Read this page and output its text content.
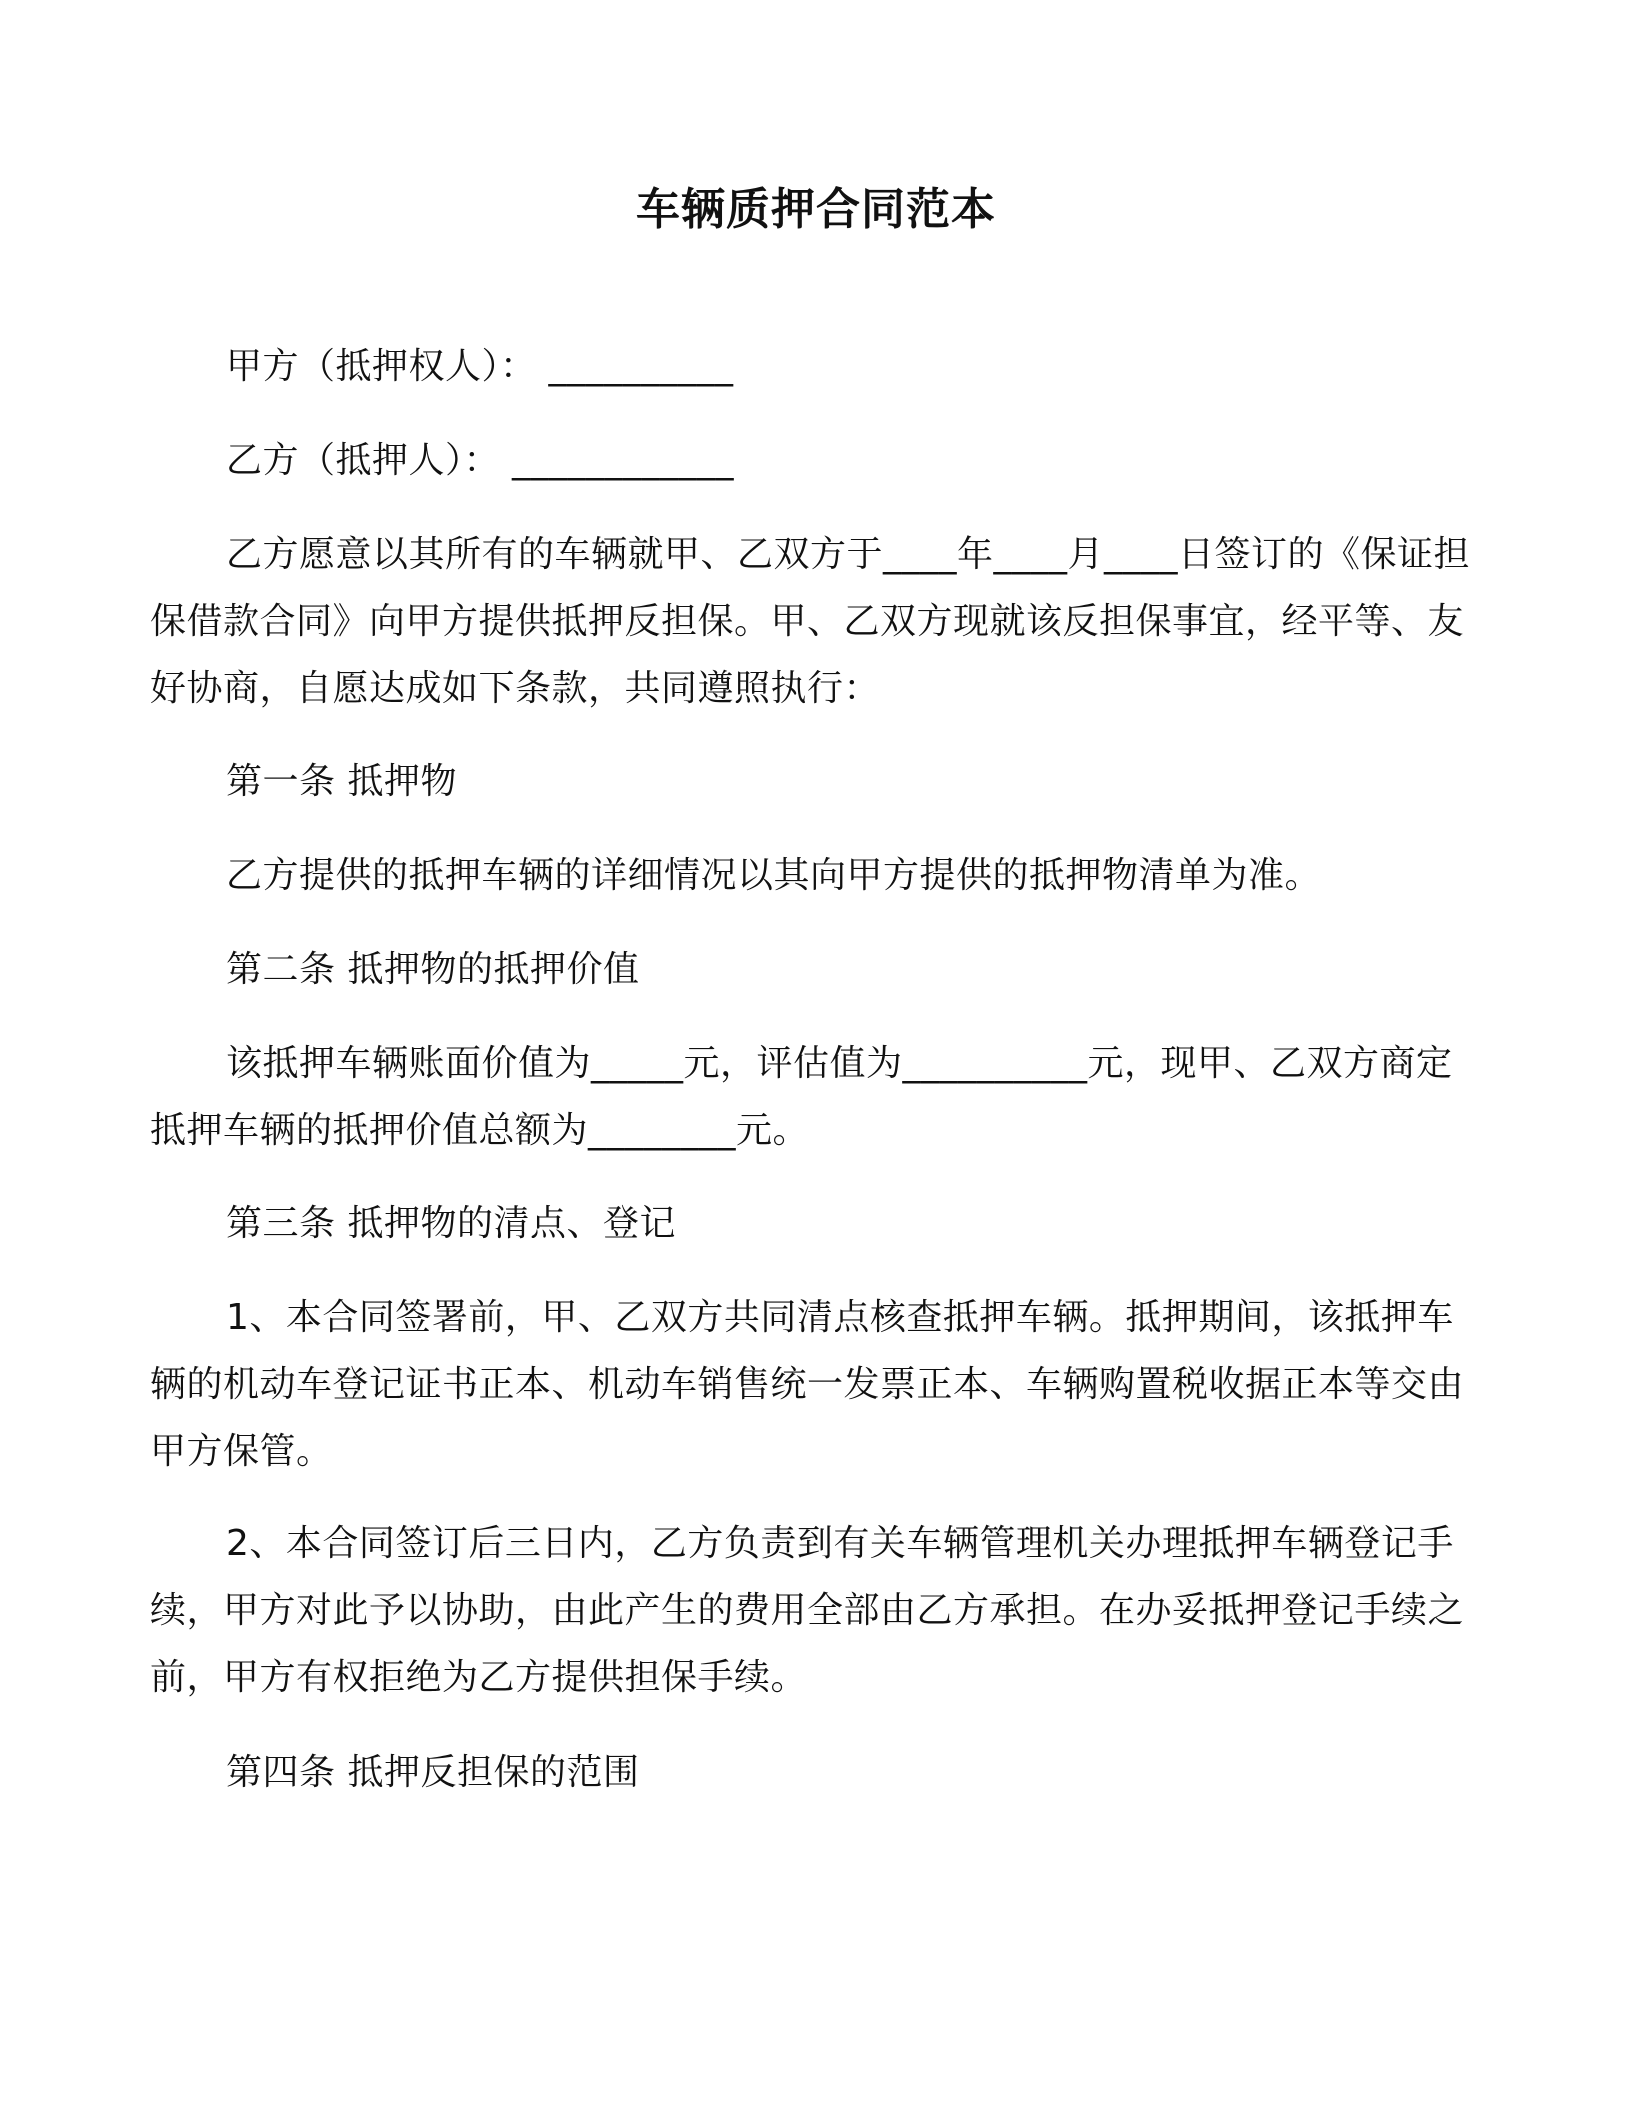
车辆质押合同范本

甲方（抵押权人）： __________

乙方（抵押人）： ____________

乙方愿意以其所有的车辆就甲、乙双方于____年____月____日签订的《保证担保借款合同》向甲方提供抵押反担保。甲、乙双方现就该反担保事宜，经平等、友好协商，自愿达成如下条款，共同遵照执行：

第一条 抵押物

乙方提供的抵押车辆的详细情况以其向甲方提供的抵押物清单为准。

第二条 抵押物的抵押价值

该抵押车辆账面价值为_____元，评估值为__________元，现甲、乙双方商定抵押车辆的抵押价值总额为________元。

第三条 抵押物的清点、登记

1、本合同签署前，甲、乙双方共同清点核查抵押车辆。抵押期间，该抵押车辆的机动车登记证书正本、机动车销售统一发票正本、车辆购置税收据正本等交由甲方保管。

2、本合同签订后三日内，乙方负责到有关车辆管理机关办理抵押车辆登记手续，甲方对此予以协助，由此产生的费用全部由乙方承担。在办妥抵押登记手续之前，甲方有权拒绝为乙方提供担保手续。

第四条 抵押反担保的范围
